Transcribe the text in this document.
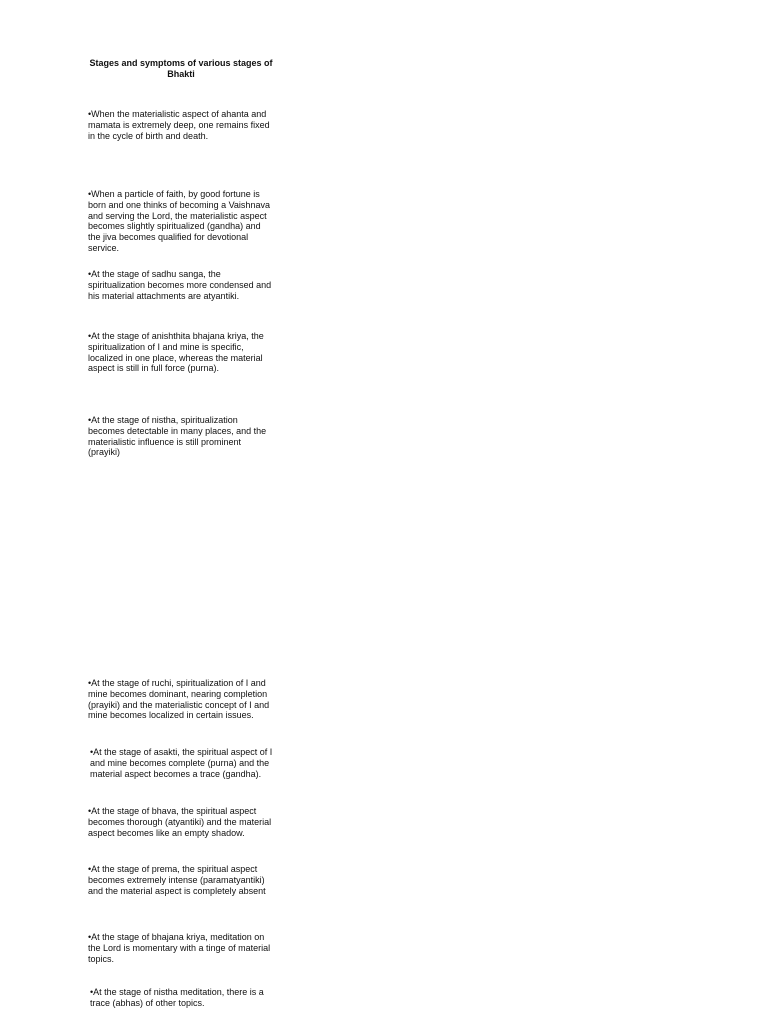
Stages and symptoms of various stages of Bhakti

•When the materialistic aspect of ahanta and mamata is extremely deep, one remains fixed in the cycle of birth and death.

•When a particle of faith, by good fortune is born and one thinks of becoming a Vaishnava and serving the Lord, the materialistic aspect becomes slightly spiritualized (gandha) and the jiva becomes qualified for devotional service.

•At the stage of sadhu sanga, the spiritualization becomes more condensed and his material attachments are atyantiki.

•At the stage of anishthita bhajana kriya, the spiritualization of I and mine is specific, localized in one place, whereas the material aspect is still in full force (purna).

•At the stage of nistha, spiritualization becomes detectable in many places, and the materialistic influence is still prominent (prayiki)

•At the stage of ruchi, spiritualization of I and mine becomes dominant, nearing completion (prayiki) and the materialistic concept of I and mine becomes localized in certain issues.

•At the stage of asakti, the spiritual aspect of I and mine becomes complete (purna) and the material aspect becomes a trace (gandha).

•At the stage of bhava, the spiritual aspect becomes thorough (atyantiki) and the material aspect becomes like an empty shadow.

•At the stage of prema, the spiritual aspect becomes extremely intense (paramatyantiki) and the material aspect is completely absent

•At the stage of bhajana kriya, meditation on the Lord is momentary with a tinge of material topics.

•At the stage of nistha meditation, there is a trace (abhas) of other topics.
